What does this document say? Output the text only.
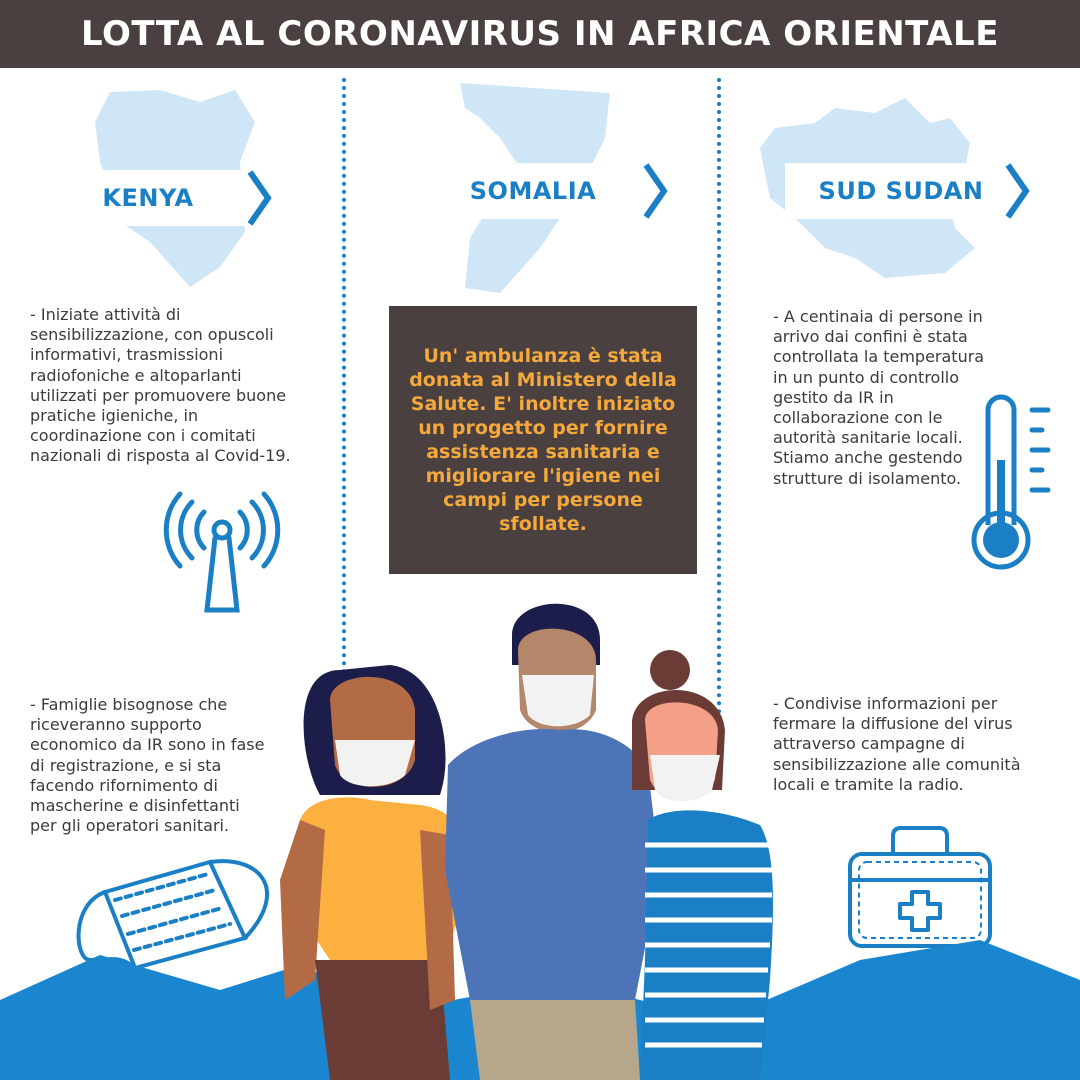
LOTTA AL CORONAVIRUS IN AFRICA ORIENTALE
KENYA	SOMALIA	SUD SUDAN
- Iniziate attività di sensibilizzazione, con opuscoli informativi, trasmissioni radiofoniche e altoparlanti utilizzati per promuovere buone pratiche igieniche, in coordinazione con i comitati nazionali di risposta al Covid-19.
- Famiglie bisognose che riceveranno supporto economico da IR sono in fase di registrazione, e si sta facendo rifornimento di mascherine e disinfettanti per gli operatori sanitari.

Un' ambulanza è stata donata al Ministero della Salute. E' inoltre iniziato un progetto per fornire assistenza sanitaria e migliorare l'igiene nei campi per persone sfollate.

- A centinaia di persone in arrivo dai confini è stata controllata la temperatura in un punto di controllo gestito da IR in collaborazione con le autorità sanitarie locali. Stiamo anche gestendo strutture di isolamento.
- Condivise informazioni per fermare la diffusione del virus attraverso campagne di sensibilizzazione alle comunità locali e tramite la radio.
